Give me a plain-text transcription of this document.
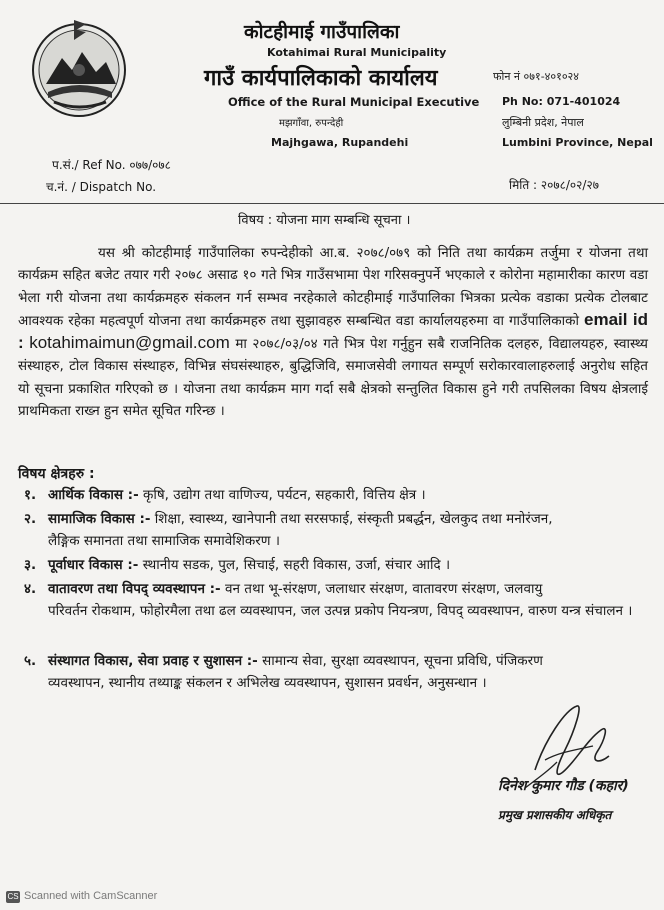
कोटहीमाई गाउँपालिका
Kotahimai Rural Municipality
गाउँ कार्यपालिकाको कार्यालय
Office of the Rural Municipal Executive
मझगाँवा, रुपन्देही
Majhgawa, Rupandehi
फोन नं ०७१-४०१०२४
Ph No: 071-401024
लुम्बिनी प्रदेश, नेपाल
Lumbini Province, Nepal
प.सं./ Ref No. ०७७/०७८
च.नं. / Dispatch No.	मिति : २०७८/०२/२७
विषय : योजना माग सम्बन्धि सूचना ।
यस श्री कोटहीमाई गाउँपालिका रुपन्देहीको आ.ब. २०७८/०७९ को निति तथा कार्यक्रम तर्जुमा र योजना तथा कार्यक्रम सहित बजेट तयार गरी २०७८ असाढ १० गते भित्र गाउँसभामा पेश गरिसक्नुपर्ने भएकाले र कोरोना महामारीका कारण वडा भेला गरी योजना तथा कार्यक्रमहरु संकलन गर्न सम्भव नरहेकाले कोटहीमाई गाउँपालिका भित्रका प्रत्येक वडाका प्रत्येक टोलबाट आवश्यक रहेका महत्वपूर्ण योजना तथा कार्यक्रमहरु तथा सुझावहरु सम्बन्धित वडा कार्यालयहरुमा वा गाउँपालिकाको email id : kotahimaimun@gmail.com मा २०७८/०३/०४ गते भित्र पेश गर्नुहुन सबै राजनितिक दलहरु, विद्यालयहरु, स्वास्थ्य संस्थाहरु, टोल विकास संस्थाहरु, विभिन्न संघसंस्थाहरु, बुद्धिजिवि, समाजसेवी लगायत सम्पूर्ण सरोकारवालाहरुलाई अनुरोध सहित यो सूचना प्रकाशित गरिएको छ । योजना तथा कार्यक्रम माग गर्दा सबै क्षेत्रको सन्तुलित विकास हुने गरी तपसिलका विषय क्षेत्रलाई प्राथमिकता राख्न हुन समेत सूचित गरिन्छ ।
विषय क्षेत्रहरु :
१. आर्थिक विकास :- कृषि, उद्योग तथा वाणिज्य, पर्यटन, सहकारी, वित्तिय क्षेत्र ।
२. सामाजिक विकास :- शिक्षा, स्वास्थ्य, खानेपानी तथा सरसफाई, संस्कृती प्रबर्द्धन, खेलकुद तथा मनोरंजन,
लैङ्गिक समानता तथा सामाजिक समावेशिकरण ।
३. पूर्वाधार विकास :- स्थानीय सडक, पुल, सिचाई, सहरी विकास, उर्जा, संचार आदि ।
४. वातावरण तथा विपद् व्यवस्थापन :- वन तथा भू-संरक्षण, जलाधार संरक्षण, वातावरण संरक्षण, जलवायु
परिवर्तन रोकथाम, फोहोरमैला तथा ढल व्यवस्थापन, जल उत्पन्न प्रकोप नियन्त्रण, विपद् व्यवस्थापन, वारुण यन्त्र संचालन ।
५. संस्थागत विकास, सेवा प्रवाह र सुशासन :- सामान्य सेवा, सुरक्षा व्यवस्थापन, सूचना प्रविधि, पंजिकरण
व्यवस्थापन, स्थानीय तथ्याङ्क संकलन र अभिलेख व्यवस्थापन, सुशासन प्रवर्धन, अनुसन्धान ।
दिनेश कुमार गौड (कहार)
प्रमुख प्रशासकीय अधिकृत
CS Scanned with CamScanner
